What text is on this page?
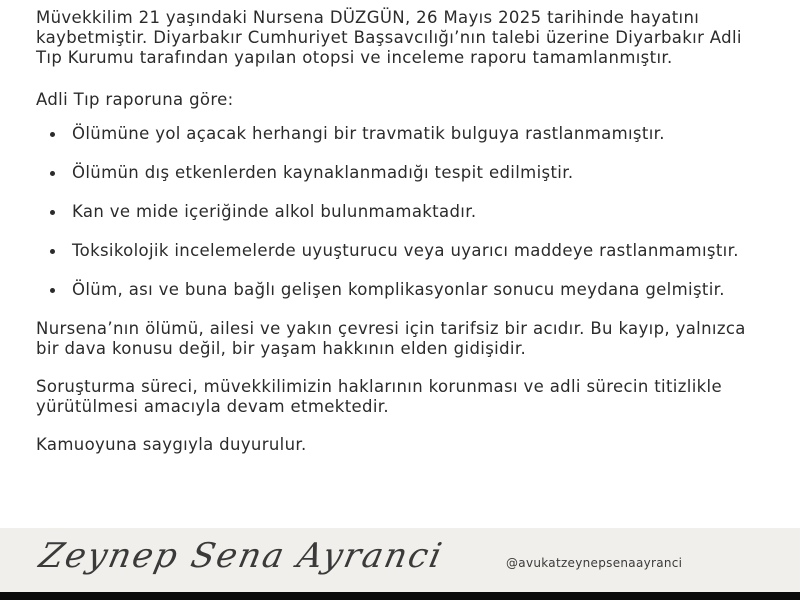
Müvekkilim 21 yaşındaki Nursena DÜZGÜN, 26 Mayıs 2025 tarihinde hayatını kaybetmiştir. Diyarbakır Cumhuriyet Başsavcılığı’nın talebi üzerine Diyarbakır Adli Tıp Kurumu tarafından yapılan otopsi ve inceleme raporu tamamlanmıştır.

Adli Tıp raporuna göre:

Ölümüne yol açacak herhangi bir travmatik bulguya rastlanmamıştır.
Ölümün dış etkenlerden kaynaklanmadığı tespit edilmiştir.
Kan ve mide içeriğinde alkol bulunmamaktadır.
Toksikolojik incelemelerde uyuşturucu veya uyarıcı maddeye rastlanmamıştır.
Ölüm, ası ve buna bağlı gelişen komplikasyonlar sonucu meydana gelmiştir.

Nursena’nın ölümü, ailesi ve yakın çevresi için tarifsiz bir acıdır. Bu kayıp, yalnızca bir dava konusu değil, bir yaşam hakkının elden gidişidir.

Soruşturma süreci, müvekkilimizin haklarının korunması ve adli sürecin titizlikle yürütülmesi amacıyla devam etmektedir.

Kamuoyuna saygıyla duyurulur.

Zeynep Sena Ayranci	@avukatzeynepsenaayranci
